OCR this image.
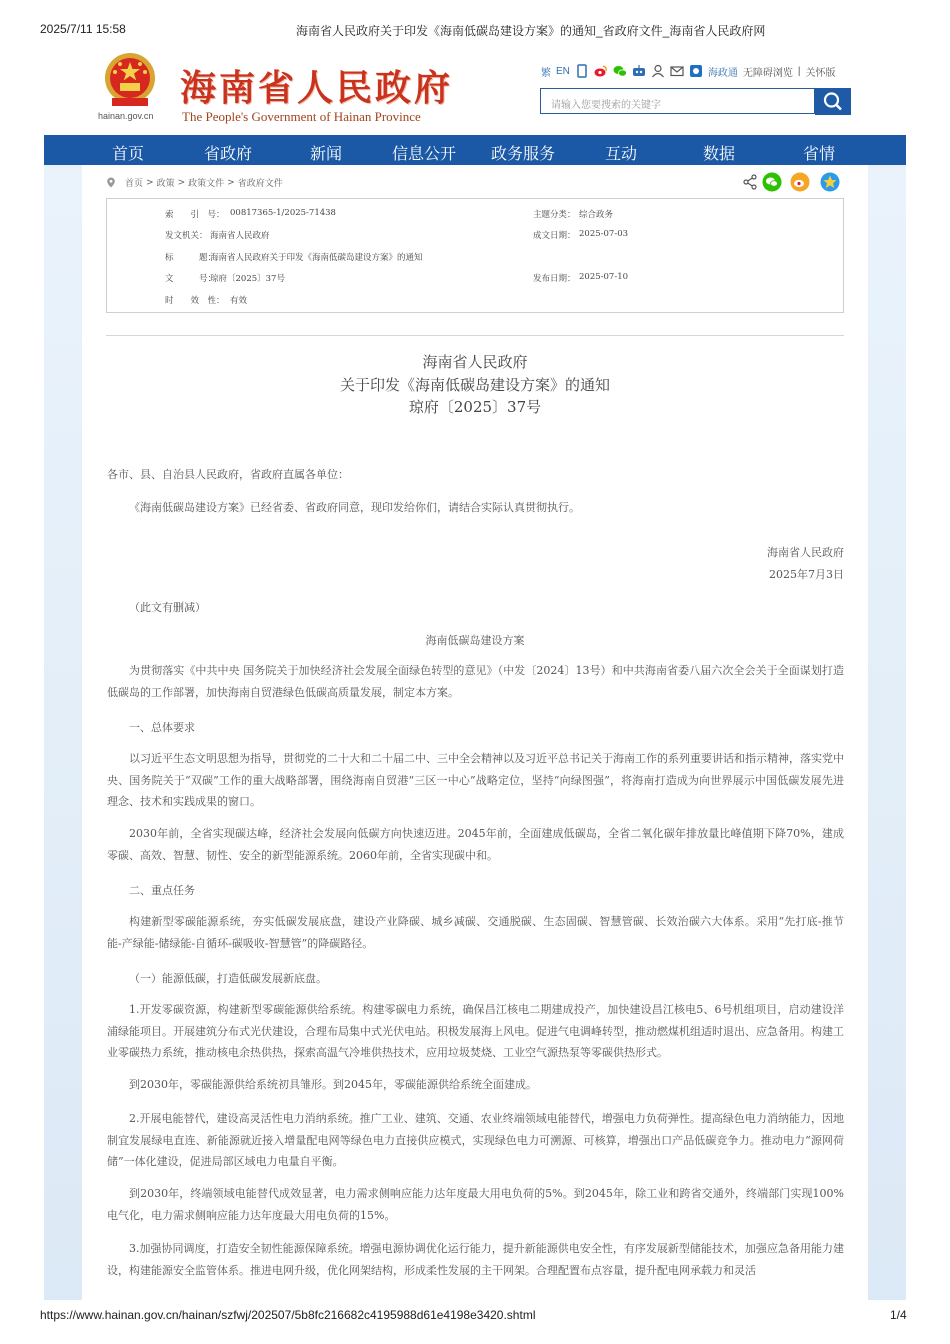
2025/7/11 15:58	海南省人民政府关于印发《海南低碳岛建设方案》的通知_省政府文件_海南省人民政府网
https://www.hainan.gov.cn/hainan/szfwj/202507/5b8fc216682c4195988d61e4198e3420.shtml	1/4
hainan.gov.cn
海南省人民政府
The People's Government of Hainan Province
繁 EN	海政通 无障碍浏览 | 关怀版
请输入您要搜索的关键字
首页	省政府	新闻	信息公开 政务服务	互动	数据	省情
首页 > 政策 > 政策文件 > 省政府文件
索　　引　号： 00817365-1/2025-71438	主题分类： 综合政务
发文机关： 海南省人民政府	成文日期： 2025-07-03
标　　　题：
海南省人民政府关于印发《海南低碳岛建设方案》的通知
文　　　号：
琼府〔2025〕37号	发布日期： 2025-07-10
时　　效　性： 有效
海南省人民政府
关于印发《海南低碳岛建设方案》的通知
琼府〔2025〕37号
各市、县、自治县人民政府，省政府直属各单位：
《海南低碳岛建设方案》已经省委、省政府同意，现印发给你们，请结合实际认真贯彻执行。
海南省人民政府
2025年7月3日
（此文有删减）
海南低碳岛建设方案
为贯彻落实《中共中央 国务院关于加快经济社会发展全面绿色转型的意见》（中发〔2024〕13号）和中共海南省委八届六次全会关于全面谋划打造低碳岛的工作部署，加快海南自贸港绿色低碳高质量发展，制定本方案。
一、总体要求
以习近平生态文明思想为指导，贯彻党的二十大和二十届二中、三中全会精神以及习近平总书记关于海南工作的系列重要讲话和指示精神，落实党中央、国务院关于“双碳”工作的重大战略部署，围绕海南自贸港“三区一中心”战略定位，坚持“向绿图强”，将海南打造成为向世界展示中国低碳发展先进理念、技术和实践成果的窗口。
2030年前，全省实现碳达峰，经济社会发展向低碳方向快速迈进。2045年前，全面建成低碳岛，全省二氧化碳年排放量比峰值期下降70%，建成零碳、高效、智慧、韧性、安全的新型能源系统。2060年前，全省实现碳中和。
二、重点任务
构建新型零碳能源系统，夯实低碳发展底盘，建设产业降碳、城乡减碳、交通脱碳、生态固碳、智慧管碳、长效治碳六大体系。采用“先打底-推节能-产绿能-储绿能-自循环-碳吸收-智慧管”的降碳路径。
（一）能源低碳，打造低碳发展新底盘。
1.开发零碳资源，构建新型零碳能源供给系统。构建零碳电力系统，确保昌江核电二期建成投产，加快建设昌江核电5、6号机组项目，启动建设洋浦绿能项目。开展建筑分布式光伏建设，合理布局集中式光伏电站。积极发展海上风电。促进气电调峰转型，推动燃煤机组适时退出、应急备用。构建工业零碳热力系统，推动核电余热供热，探索高温气冷堆供热技术，应用垃圾焚烧、工业空气源热泵等零碳供热形式。
到2030年，零碳能源供给系统初具雏形。到2045年，零碳能源供给系统全面建成。
2.开展电能替代，建设高灵活性电力消纳系统。推广工业、建筑、交通、农业终端领域电能替代，增强电力负荷弹性。提高绿色电力消纳能力，因地制宜发展绿电直连、新能源就近接入增量配电网等绿色电力直接供应模式，实现绿色电力可溯源、可核算，增强出口产品低碳竞争力。推动电力“源网荷储”一体化建设，促进局部区域电力电量自平衡。
到2030年，终端领域电能替代成效显著，电力需求侧响应能力达年度最大用电负荷的5%。到2045年，除工业和跨省交通外，终端部门实现100%电气化，电力需求侧响应能力达年度最大用电负荷的15%。
3.加强协同调度，打造安全韧性能源保障系统。增强电源协调优化运行能力，提升新能源供电安全性，有序发展新型储能技术，加强应急备用能力建设，构建能源安全监管体系。推进电网升级，优化网架结构，形成柔性发展的主干网架。合理配置布点容量，提升配电网承载力和灵活
